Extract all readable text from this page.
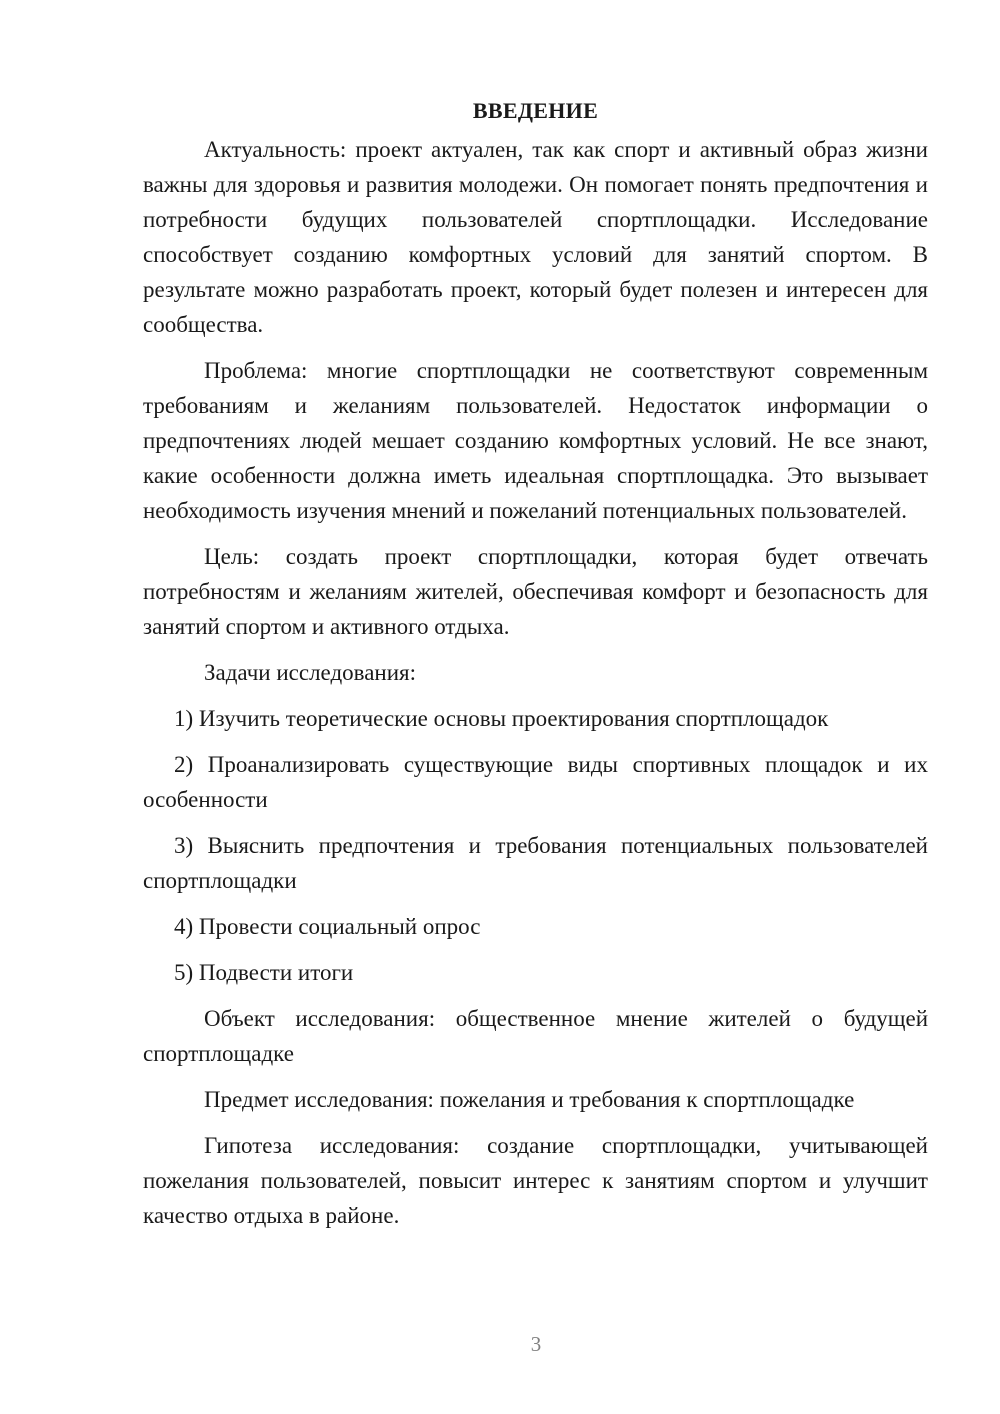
ВВЕДЕНИЕ

Актуальность: проект актуален, так как спорт и активный образ жизни важны для здоровья и развития молодежи. Он помогает понять предпочтения и потребности будущих пользователей спортплощадки. Исследование способствует созданию комфортных условий для занятий спортом. В результате можно разработать проект, который будет полезен и интересен для сообщества.

Проблема: многие спортплощадки не соответствуют современным требованиям и желаниям пользователей. Недостаток информации о предпочтениях людей мешает созданию комфортных условий. Не все знают, какие особенности должна иметь идеальная спортплощадка. Это вызывает необходимость изучения мнений и пожеланий потенциальных пользователей.

Цель: создать проект спортплощадки, которая будет отвечать потребностям и желаниям жителей, обеспечивая комфорт и безопасность для занятий спортом и активного отдыха.

Задачи исследования:

1) Изучить теоретические основы проектирования спортплощадок

2) Проанализировать существующие виды спортивных площадок и их особенности

3) Выяснить предпочтения и требования потенциальных пользователей спортплощадки

4) Провести социальный опрос

5) Подвести итоги

Объект исследования: общественное мнение жителей о будущей спортплощадке

Предмет исследования: пожелания и требования к спортплощадке

Гипотеза исследования: создание спортплощадки, учитывающей пожелания пользователей, повысит интерес к занятиям спортом и улучшит качество отдыха в районе.

3
